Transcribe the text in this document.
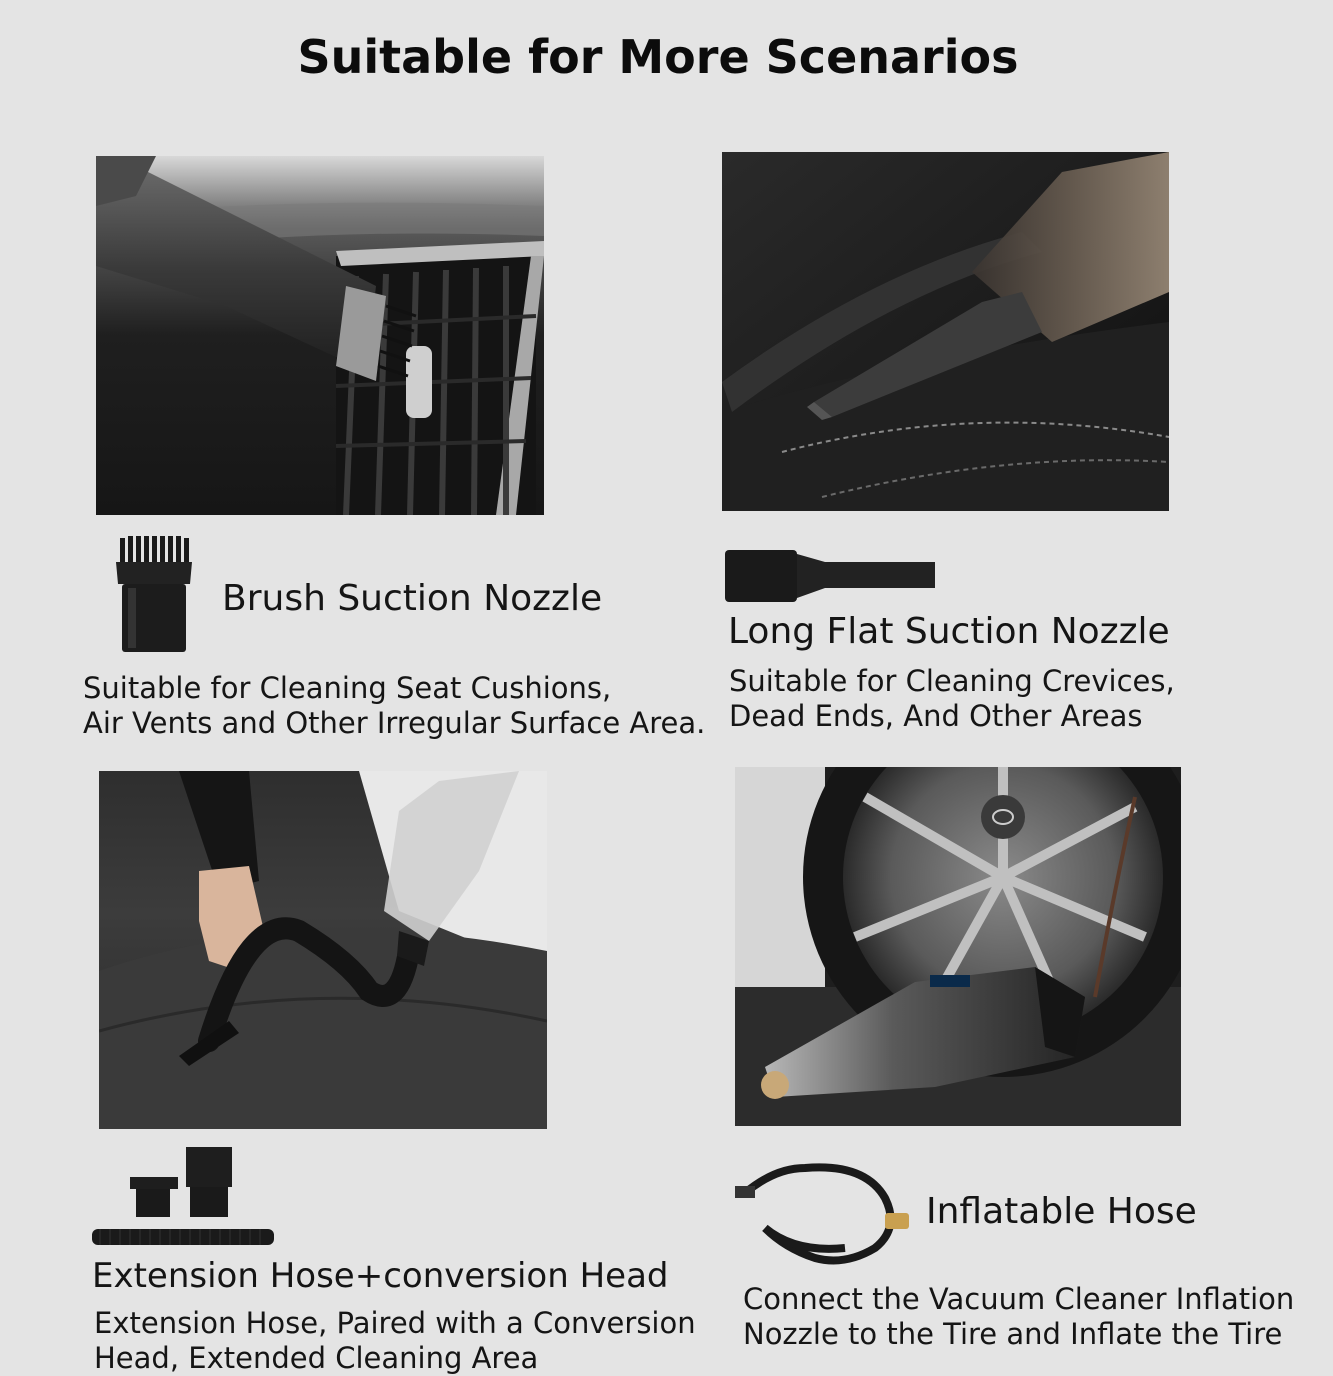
Suitable for More Scenarios
Brush Suction Nozzle
Suitable for Cleaning Seat Cushions,
Air Vents and Other Irregular Surface Area.
Long Flat Suction Nozzle
Suitable for Cleaning Crevices,
Dead Ends, And Other Areas
Extension Hose+conversion Head
Extension Hose, Paired with a Conversion
Head, Extended Cleaning Area
Inflatable Hose
Connect the Vacuum Cleaner Inflation
Nozzle to the Tire and Inflate the Tire
